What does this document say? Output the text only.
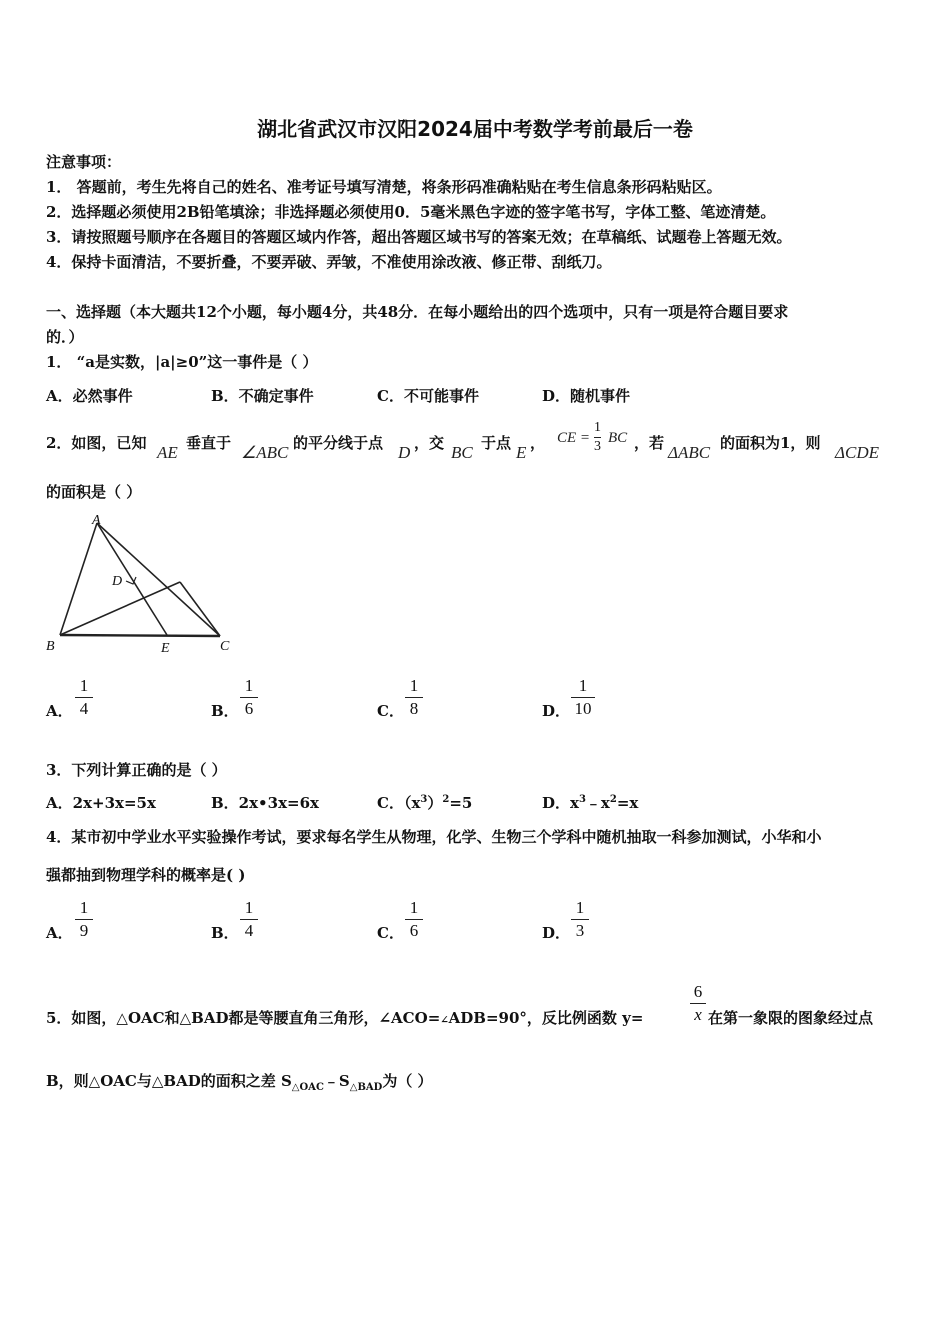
湖北省武汉市汉阳2024届中考数学考前最后一卷
注意事项：
1． 答题前，考生先将自己的姓名、准考证号填写清楚，将条形码准确粘贴在考生信息条形码粘贴区。
2．选择题必须使用2B铅笔填涂；非选择题必须使用0．5毫米黑色字迹的签字笔书写，字体工整、笔迹清楚。
3．请按照题号顺序在各题目的答题区域内作答，超出答题区域书写的答案无效；在草稿纸、试题卷上答题无效。
4．保持卡面清洁，不要折叠，不要弄破、弄皱，不准使用涂改液、修正带、刮纸刀。
一、选择题（本大题共12个小题，每小题4分，共48分．在每小题给出的四个选项中，只有一项是符合题目要求
的．）
1． “a是实数，|a|≥0”这一事件是（ ）
A．必然事件	B．不确定事件	C．不可能事件	D．随机事件
2．如图，已知 AE 垂直于 ∠ABC 的平分线于点 D ，交 BC 于点 E ， CE =
1
3
BC ，若 ΔABC 的面积为1，则 ΔCDE
的面积是（ ）
A
B	C
D
E
A．
1
4	B．
1
6	C．
1
8	D．
1
10
3．下列计算正确的是（ ）
A．2x+3x=5x	B．2x•3x=6x	C．$(x^3)^2=5$	D．$x^3﹣x^2=x$
4．某市初中学业水平实验操作考试，要求每名学生从物理，化学、生物三个学科中随机抽取一科参加测试，小华和小
强都抽到物理学科的概率是( )
A．
1
9	B．
1
4	C．
1
6	D．
1
3
5．如图，△OAC和△BAD都是等腰直角三角形，∠ACO=∠ADB=90°，反比例函数 y=
6
x 在第一象限的图象经过点
B，则△OAC与△BAD的面积之差 $S_{\triangle OAC}﹣S_{\triangle BAD}$为（ ）
